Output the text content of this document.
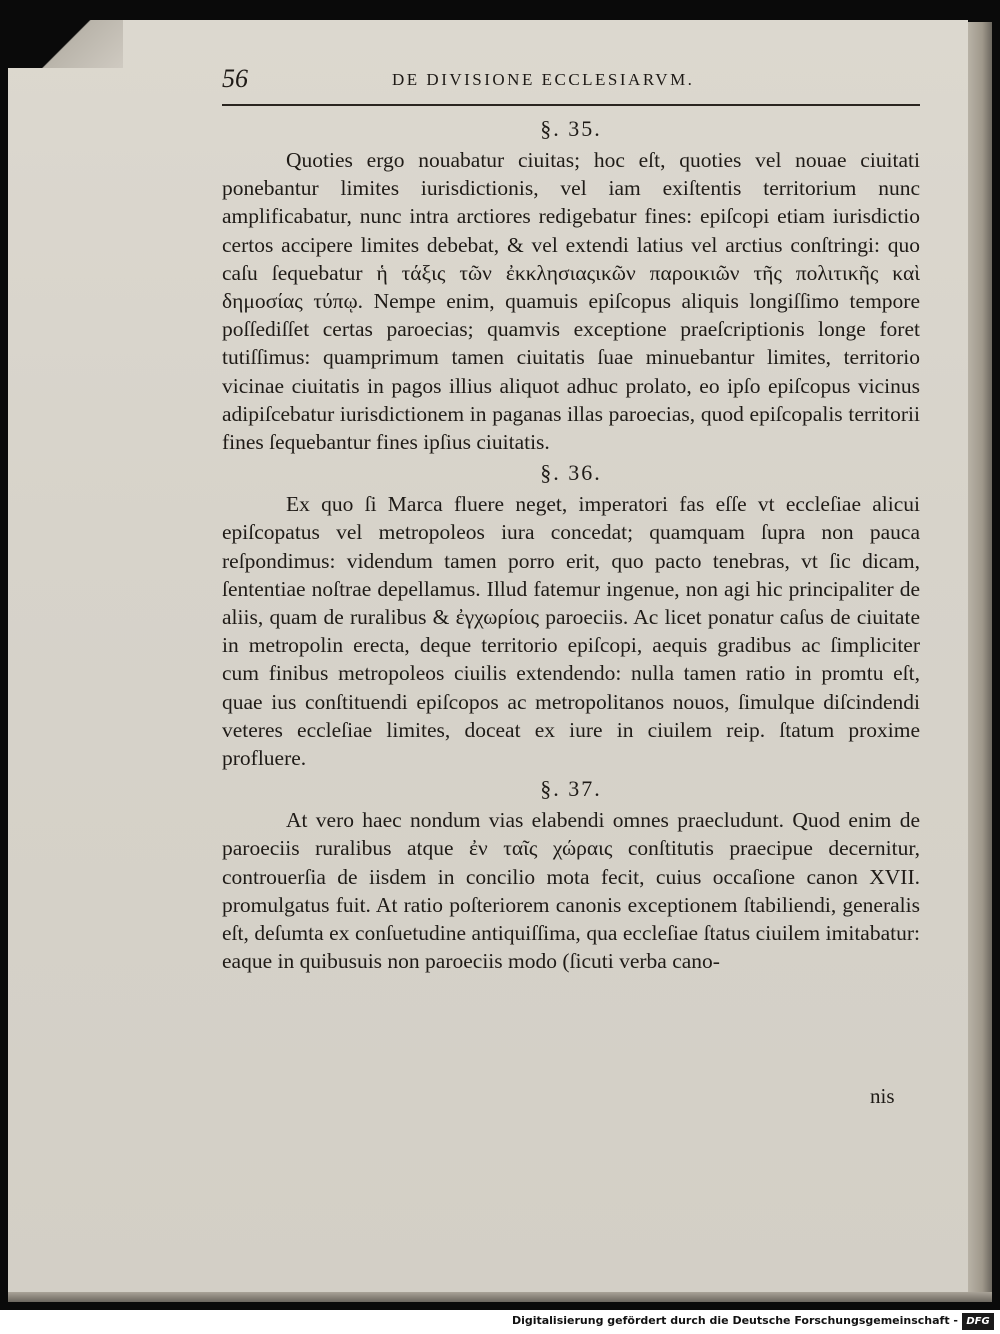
56	DE DIVISIONE ECCLESIARVM.
§. 35.

Quoties ergo nouabatur ciuitas; hoc eſt, quoties vel nouae ciuitati ponebantur limites iurisdictionis, vel iam exiſtentis territorium nunc amplificabatur, nunc intra arctiores redigebatur fines: epiſcopi etiam iurisdictio certos accipere limites debebat, & vel extendi latius vel arctius conſtringi: quo caſu ſequebatur ἡ τάξις τῶν ἐκκλησιαςικῶν παροικιῶν τῆς πολιτικῆς καὶ δημοσίας τύπῳ. Nempe enim, quamuis epiſcopus aliquis longiſſimo tempore poſſediſſet certas paroecias; quamvis exceptione praeſcriptionis longe foret tutiſſimus: quamprimum tamen ciuitatis ſuae minuebantur limites, territorio vicinae ciuitatis in pagos illius aliquot adhuc prolato, eo ipſo epiſcopus vicinus adipiſcebatur iurisdictionem in paganas illas paroecias, quod epiſcopalis territorii fines ſequebantur fines ipſius ciuitatis.

§. 36.

Ex quo ſi Marca fluere neget, imperatori fas eſſe vt eccleſiae alicui epiſcopatus vel metropoleos iura concedat; quamquam ſupra non pauca reſpondimus: videndum tamen porro erit, quo pacto tenebras, vt ſic dicam, ſententiae noſtrae depellamus. Illud fatemur ingenue, non agi hic principaliter de aliis, quam de ruralibus & ἐγχωρίοις paroeciis. Ac licet ponatur caſus de ciuitate in metropolin erecta, deque territorio epiſcopi, aequis gradibus ac ſimpliciter cum finibus metropoleos ciuilis extendendo: nulla tamen ratio in promtu eſt, quae ius conſtituendi epiſcopos ac metropolitanos nouos, ſimulque diſcindendi veteres eccleſiae limites, doceat ex iure in ciuilem reip. ſtatum proxime profluere.

§. 37.

At vero haec nondum vias elabendi omnes praecludunt. Quod enim de paroeciis ruralibus atque ἐν ταῖς χώραις conſtitutis praecipue decernitur, controuerſia de iisdem in concilio mota fecit, cuius occaſione canon XVII. promulgatus fuit. At ratio poſteriorem canonis exceptionem ſtabiliendi, generalis eſt, deſumta ex conſuetudine antiquiſſima, qua eccleſiae ſtatus ciuilem imitabatur: eaque in quibusuis non paroeciis modo (ſicuti verba cano-

nis
Digitalisierung gefördert durch die Deutsche Forschungsgemeinschaft - DFG
